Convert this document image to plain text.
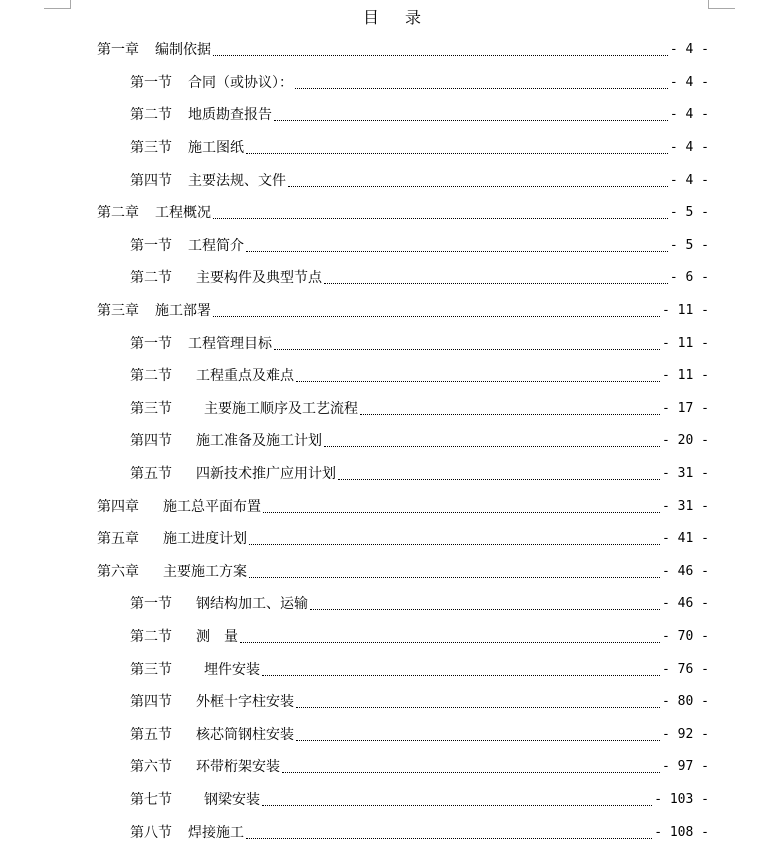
目 录
第一章 编制依据	- 4 -
第一节 合同（或协议）：	- 4 -
第二节 地质勘查报告	- 4 -
第三节 施工图纸	- 4 -
第四节 主要法规、文件	- 4 -
第二章 工程概况	- 5 -
第一节 工程简介	- 5 -
第二节 主要构件及典型节点	- 6 -
第三章 施工部署	- 11 -
第一节 工程管理目标	- 11 -
第二节 工程重点及难点	- 11 -
第三节 主要施工顺序及工艺流程	- 17 -
第四节 施工准备及施工计划	- 20 -
第五节 四新技术推广应用计划	- 31 -
第四章 施工总平面布置	- 31 -
第五章 施工进度计划	- 41 -
第六章 主要施工方案	- 46 -
第一节 钢结构加工、运输	- 46 -
第二节 测　量	- 70 -
第三节 埋件安装	- 76 -
第四节 外框十字柱安装	- 80 -
第五节 核芯筒钢柱安装	- 92 -
第六节 环带桁架安装	- 97 -
第七节 钢梁安装	- 103 -
第八节 焊接施工	- 108 -
